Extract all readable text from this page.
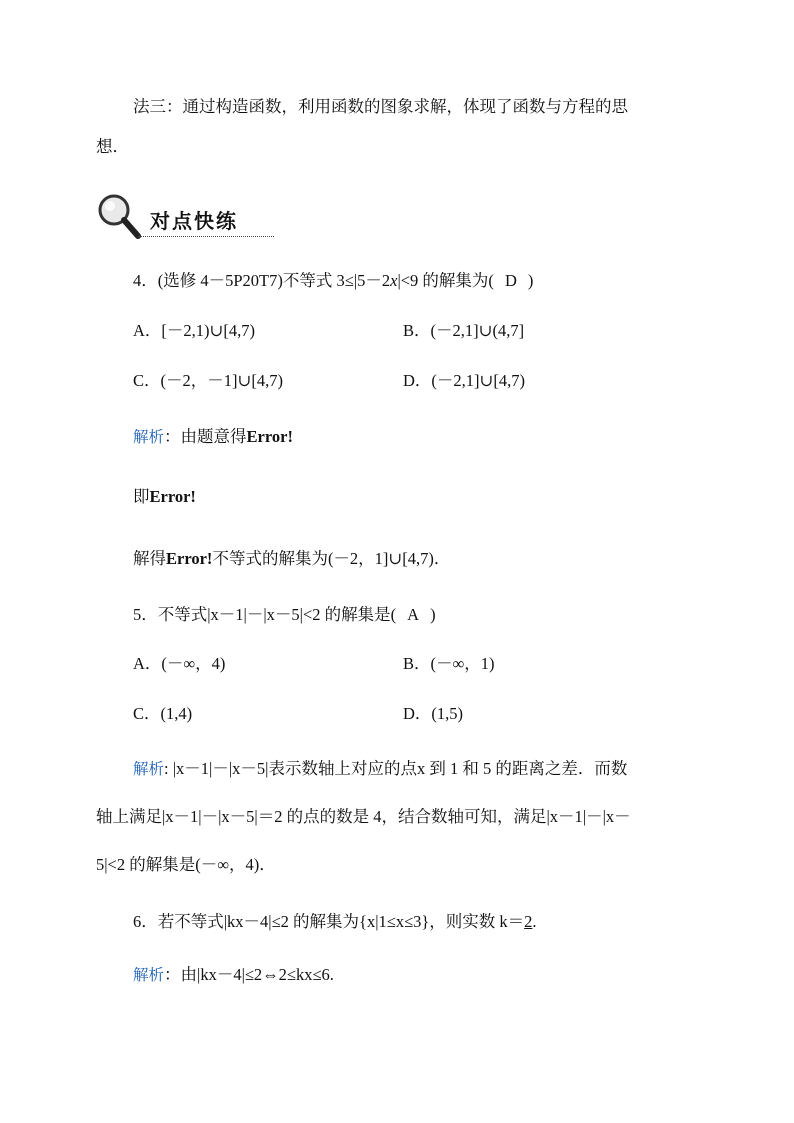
法三：通过构造函数，利用函数的图象求解，体现了函数与方程的思
想．
对点快练
4．(选修 4－5P20T7)不等式 3≤|5－2x|<9 的解集为( D )
A．[－2,1)∪[4,7)	B．(－2,1]∪(4,7]
C．(－2，－1]∪[4,7)	D．(－2,1]∪[4,7)
解析：由题意得Error!
即Error!
解得Error!不等式的解集为(－2，1]∪[4,7)．
5．不等式|x－1|－|x－5|<2 的解集是( A )
A．(－∞，4)	B．(－∞，1)
C．(1,4)	D．(1,5)
解析: |x－1|－|x－5|表示数轴上对应的点x 到 1 和 5 的距离之差．而数
轴上满足|x－1|－|x－5|＝2 的点的数是 4，结合数轴可知，满足|x－1|－|x－
5|<2 的解集是(－∞，4)．
6．若不等式|kx－4|≤2 的解集为{x|1≤x≤3}，则实数 k＝2.
解析：由|kx－4|≤2⇔2≤kx≤6.
